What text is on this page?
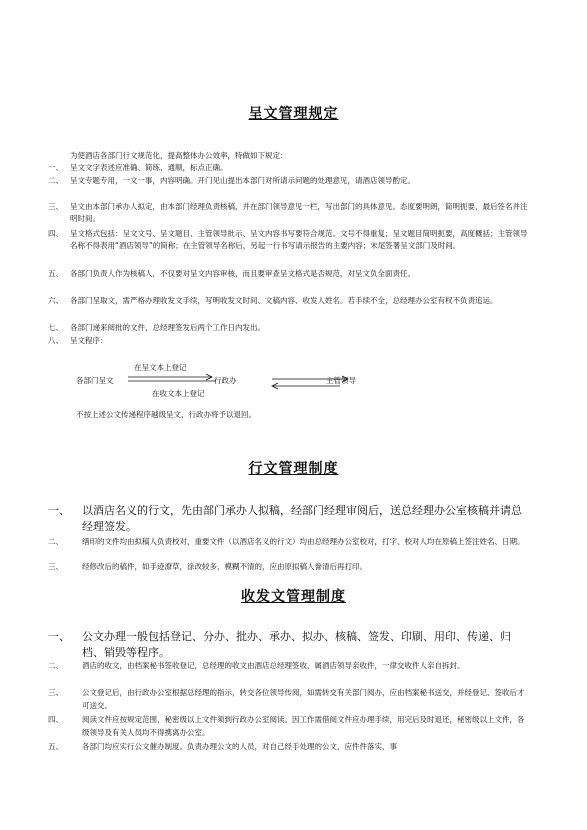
呈文管理规定
为使酒店各部门行文规范化，提高整体办公效率，特做如下规定：
一、 呈文文字表述应准确、简练、通顺，标点正确。
二、 呈文专题专用，一文一事，内容明确。开门见山提出本部门对所请示问题的处理意见，请酒店领导酌定。
三、 呈文由本部门承办人拟定，由本部门经理负责核稿，并在部门领导意见一栏，写出部门的具体意见。态度要明朗，简明扼要，最后签名并注明时间。
四、 呈文格式包括：呈文文号、呈文题目、主管领导批示、呈文内容书写要符合规范。文号不得重复；呈文题目简明扼要，高度概括；主管领导名称不得表用“酒店领导”的简称；在主管领导名称后，另起一行书写请示报告的主要内容；末尾签署呈文部门及时间。
五、 各部门负责人作为核稿人，不仅要对呈文内容审核，而且要审查呈文格式是否规范，对呈文负全面责任。
六、 各部门呈取文，需严格办理收发文手续，写明收发文时间、文稿内容、收发人姓名。若手续不全，总经理办公室有权不负责追运。
七、 各部门递来阅批的文件，总经理签发后两个工作日内发出。
八、 呈文程序：
在呈文本上登记
各部门呈文	行政办	主管领导
在收文本上登记
不按上述公文传递程序越级呈文，行政办将予以退回。
行文管理制度
一、 以酒店名义的行文，先由部门承办人拟稿，经部门经理审阅后，送总经理办公室核稿并请总经理签发。
二、	缮印的文件均由拟稿人负责校对，重要文件（以酒店名义的行文）均由总经理办公室校对，打字、校对人均在原稿上签注姓名、日期。
三、	经修改后的稿件，如手迹潦草，涂改较多，模糊不清的，应由原拟稿人誊清后再打印。
收发文管理制度
一、 公文办理一般包括登记、分办、批办、承办、拟办、核稿、签发、印刷、用印、传递、归档、销毁等程序。
二、	酒店的收文，由档案秘书签收登记，总经理的收文由酒店总经理签收，属酒店领导亲收件，一律交收件人亲自拆封。
三、	公文登记后，由行政办公室根据总经理的指示，转交各位领导传阅，如需转交有关部门阅办，应由档案秘书送交，并经登记、签收后才可送交。
四、	阅读文件应按规定范围，秘密级以上文件须到行政办公室阅读。因工作需借阅文件应办理手续，用完后及时退还，秘密级以上文件，各级领导及有关人员均不得携离办公室。
五、	各部门均应实行公文催办制度。负责办理公文的人员，对自己经手处理的公文，应件件落实，事
